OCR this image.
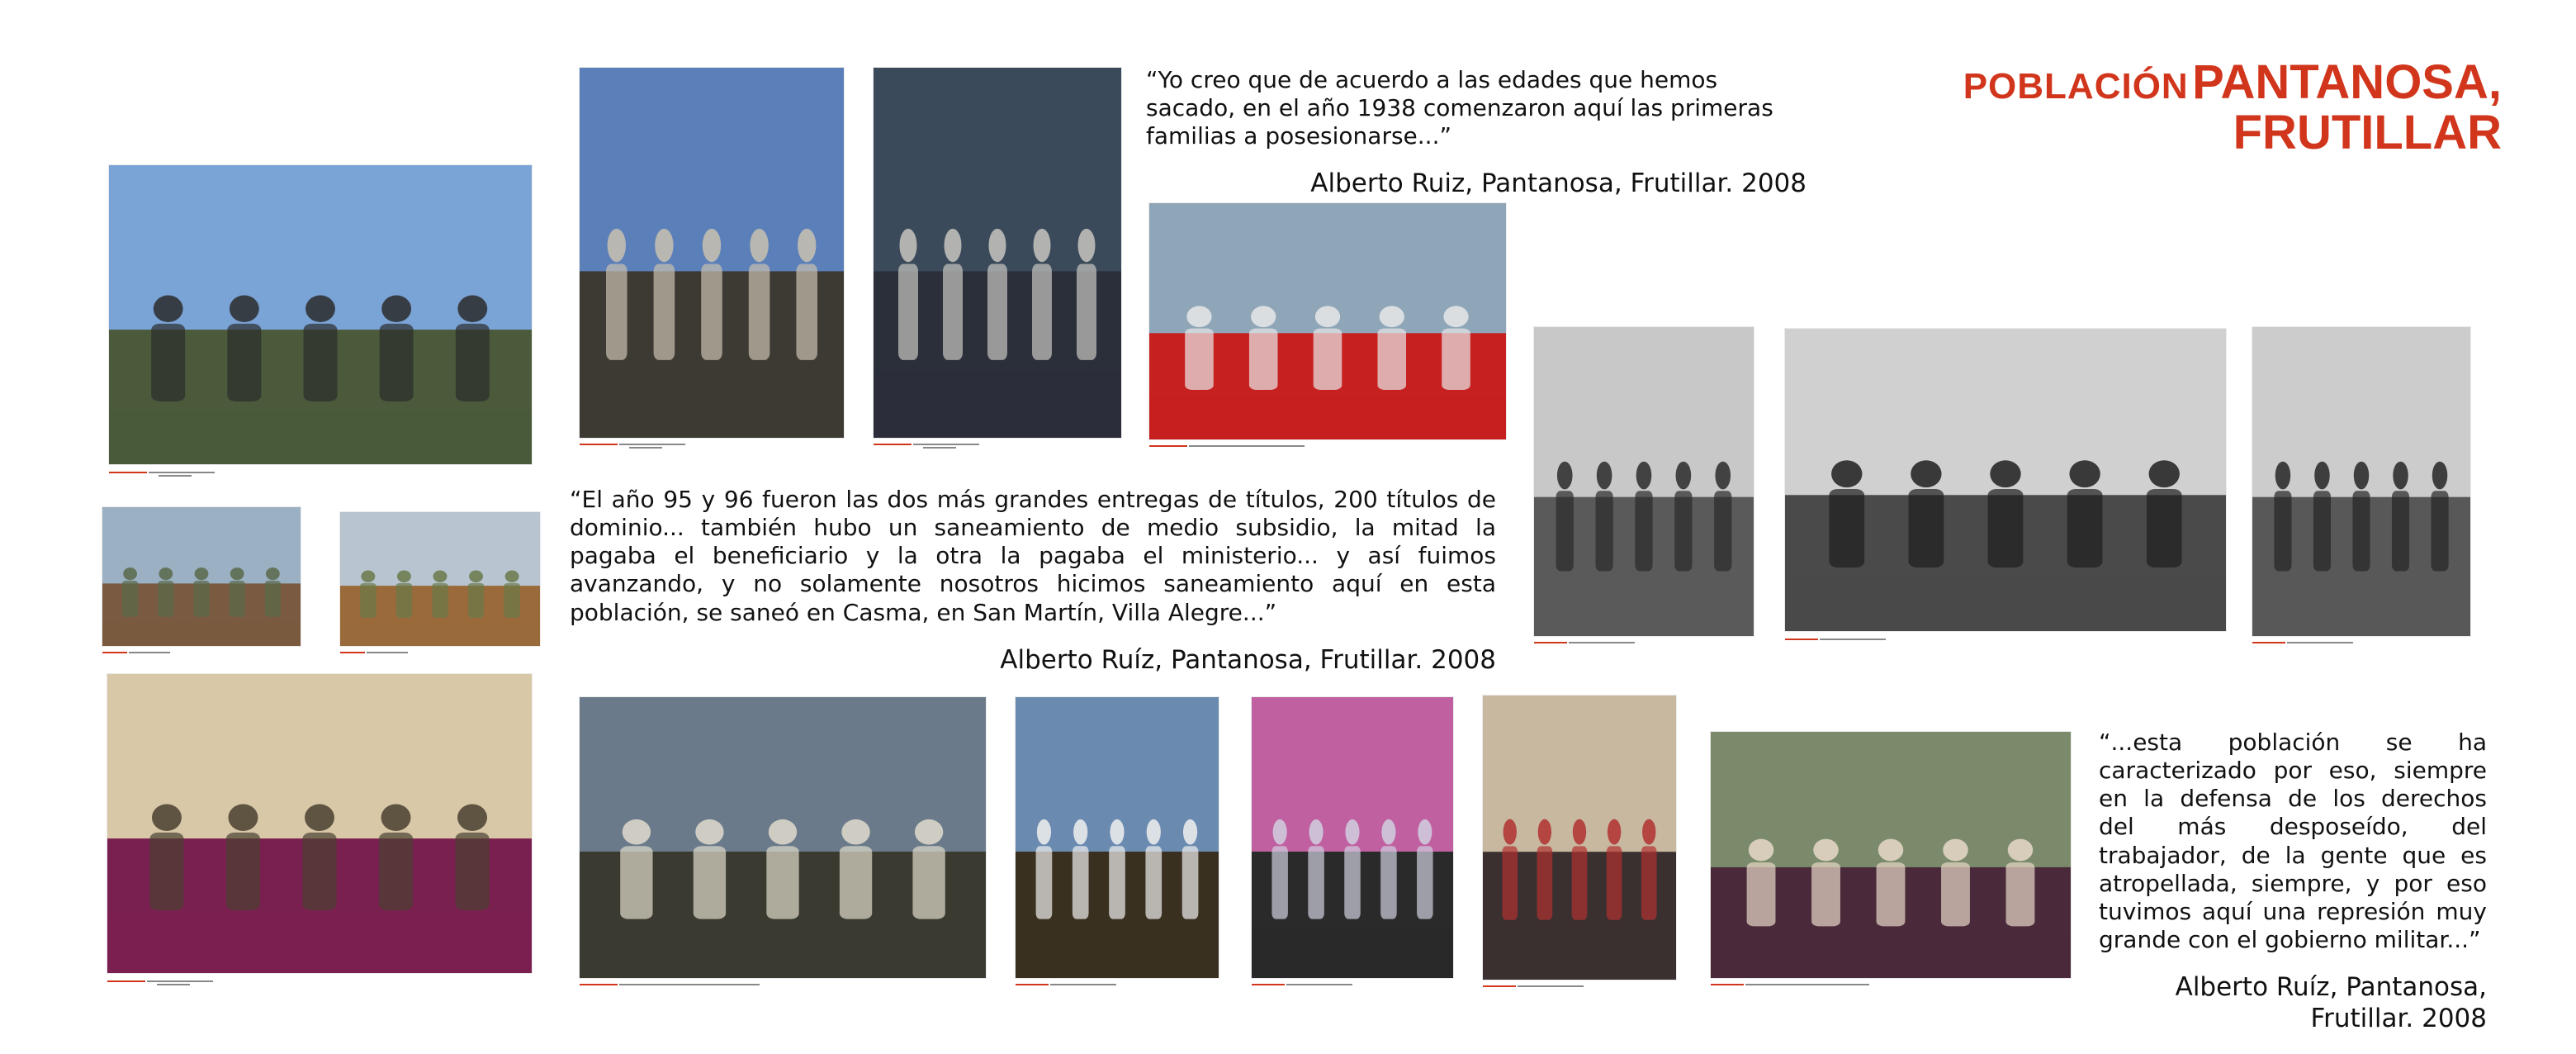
POBLACIÓN PANTANOSA,
FRUTILLAR

“Yo creo que de acuerdo a las edades que hemos sacado, en el año 1938 comenzaron aquí las primeras familias a posesionarse...”

Alberto Ruiz, Pantanosa, Frutillar. 2008

“El año 95 y 96 fueron las dos más grandes entregas de títulos, 200 títulos de dominio... también hubo un saneamiento de medio subsidio, la mitad la pagaba el beneficiario y la otra la pagaba el ministerio... y así fuimos avanzando, y no solamente nosotros hicimos saneamiento aquí en esta población, se saneó en Casma, en San Martín, Villa Alegre...”

Alberto Ruíz, Pantanosa, Frutillar. 2008

“...esta población se ha caracterizado por eso, siempre en la defensa de los derechos del más desposeído, del trabajador, de la gente que es atropellada, siempre, y por eso tuvimos aquí una represión muy grande con el gobierno militar...”

Alberto Ruíz, Pantanosa, Frutillar. 2008
